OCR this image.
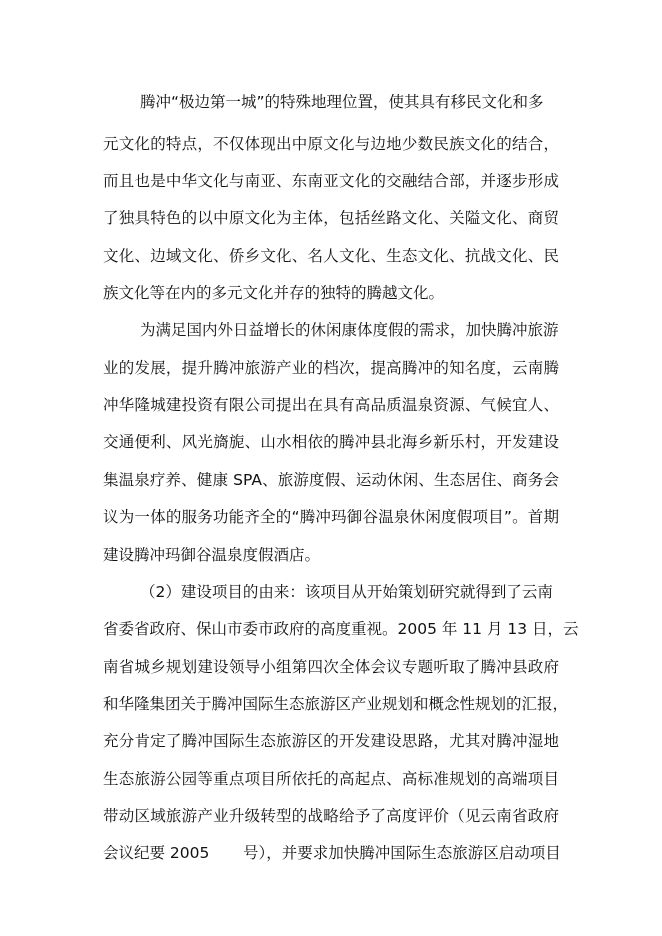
腾冲“极边第一城”的特殊地理位置，使其具有移民文化和多
元文化的特点，不仅体现出中原文化与边地少数民族文化的结合，
而且也是中华文化与南亚、东南亚文化的交融结合部，并逐步形成
了独具特色的以中原文化为主体，包括丝路文化、关隘文化、商贸
文化、边域文化、侨乡文化、名人文化、生态文化、抗战文化、民
族文化等在内的多元文化并存的独特的腾越文化。
为满足国内外日益增长的休闲康体度假的需求，加快腾冲旅游
业的发展，提升腾冲旅游产业的档次，提高腾冲的知名度，云南腾
冲华隆城建投资有限公司提出在具有高品质温泉资源、气候宜人、
交通便利、风光旖旎、山水相依的腾冲县北海乡新乐村，开发建设
集温泉疗养、健康 SPA、旅游度假、运动休闲、生态居住、商务会
议为一体的服务功能齐全的“腾冲玛御谷温泉休闲度假项目”。首期
建设腾冲玛御谷温泉度假酒店。
（2）建设项目的由来：该项目从开始策划研究就得到了云南
省委省政府、保山市委市政府的高度重视。2005 年 11 月 13 日，云
南省城乡规划建设领导小组第四次全体会议专题听取了腾冲县政府
和华隆集团关于腾冲国际生态旅游区产业规划和概念性规划的汇报，
充分肯定了腾冲国际生态旅游区的开发建设思路，尤其对腾冲湿地
生态旅游公园等重点项目所依托的高起点、高标准规划的高端项目
带动区域旅游产业升级转型的战略给予了高度评价（见云南省政府
会议纪要 2005 号），并要求加快腾冲国际生态旅游区启动项目
